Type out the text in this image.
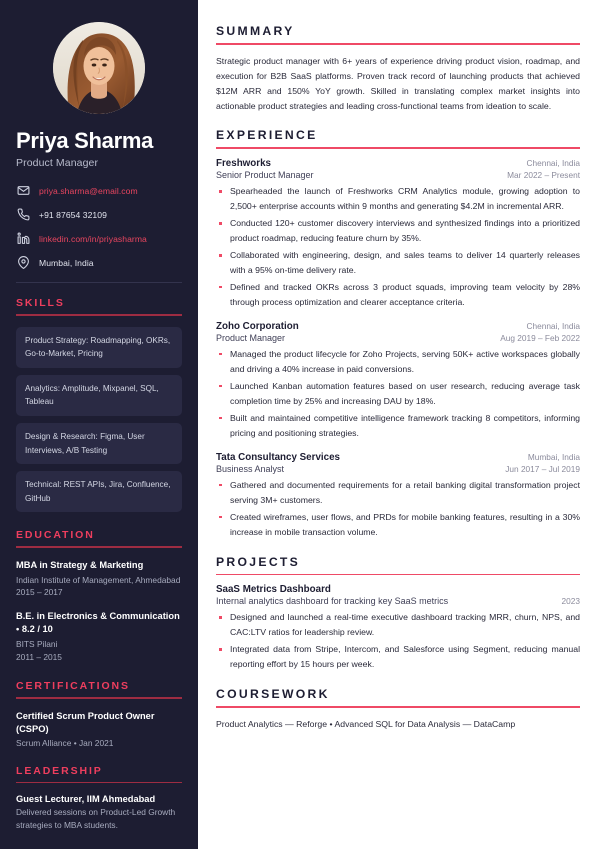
Priya Sharma
Product Manager
priya.sharma@email.com
+91 87654 32109
linkedin.com/in/priyasharma
Mumbai, India
SKILLS
Product Strategy: Roadmapping, OKRs, Go-to-Market, Pricing
Analytics: Amplitude, Mixpanel, SQL, Tableau
Design & Research: Figma, User Interviews, A/B Testing
Technical: REST APIs, Jira, Confluence, GitHub
EDUCATION
MBA in Strategy & Marketing
Indian Institute of Management, Ahmedabad
2015 – 2017
B.E. in Electronics & Communication • 8.2 / 10
BITS Pilani
2011 – 2015
CERTIFICATIONS
Certified Scrum Product Owner (CSPO)
Scrum Alliance • Jan 2021
LEADERSHIP
Guest Lecturer, IIM Ahmedabad
Delivered sessions on Product-Led Growth strategies to MBA students.
SUMMARY

Strategic product manager with 6+ years of experience driving product vision, roadmap, and execution for B2B SaaS platforms. Proven track record of launching products that achieved $12M ARR and 150% YoY growth. Skilled in translating complex market insights into actionable product strategies and leading cross-functional teams from ideation to scale.

EXPERIENCE
Freshworks	Chennai, India
Senior Product Manager	Mar 2022 – Present
Spearheaded the launch of Freshworks CRM Analytics module, growing adoption to 2,500+ enterprise accounts within 9 months and generating $4.2M in incremental ARR.
Conducted 120+ customer discovery interviews and synthesized findings into a prioritized product roadmap, reducing feature churn by 35%.
Collaborated with engineering, design, and sales teams to deliver 14 quarterly releases with a 95% on-time delivery rate.
Defined and tracked OKRs across 3 product squads, improving team velocity by 28% through process optimization and clearer acceptance criteria.
Zoho Corporation	Chennai, India
Product Manager	Aug 2019 – Feb 2022
Managed the product lifecycle for Zoho Projects, serving 50K+ active workspaces globally and driving a 40% increase in paid conversions.
Launched Kanban automation features based on user research, reducing average task completion time by 25% and increasing DAU by 18%.
Built and maintained competitive intelligence framework tracking 8 competitors, informing pricing and positioning strategies.
Tata Consultancy Services	Mumbai, India
Business Analyst	Jun 2017 – Jul 2019
Gathered and documented requirements for a retail banking digital transformation project serving 3M+ customers.
Created wireframes, user flows, and PRDs for mobile banking features, resulting in a 30% increase in mobile transaction volume.
PROJECTS
SaaS Metrics Dashboard
Internal analytics dashboard for tracking key SaaS metrics	2023
Designed and launched a real-time executive dashboard tracking MRR, churn, NPS, and CAC:LTV ratios for leadership review.
Integrated data from Stripe, Intercom, and Salesforce using Segment, reducing manual reporting effort by 15 hours per week.
COURSEWORK

Product Analytics — Reforge • Advanced SQL for Data Analysis — DataCamp
